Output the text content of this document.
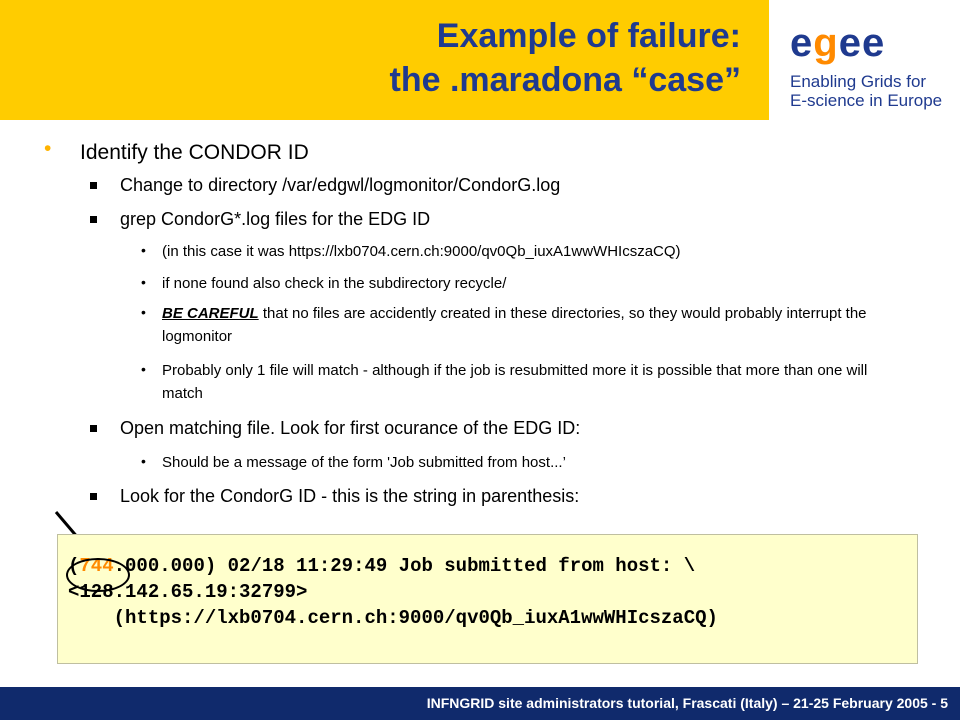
Example of failure:
the .maradona “case”
egee
Enabling Grids for
E-science in Europe
• Identify the CONDOR ID
Change to directory /var/edgwl/logmonitor/CondorG.log
grep CondorG*.log files for the EDG ID
• (in this case it was https://lxb0704.cern.ch:9000/qv0Qb_iuxA1wwWHIcszaCQ)
• if none found also check in the subdirectory recycle/
• BE CAREFUL that no files are accidently created in these directories, so they would probably interrupt the logmonitor
• Probably only 1 file will match - although if the job is resubmitted more it is possible that more than one will match
Open matching file. Look for first ocurance of the EDG ID:
• Should be a message of the form 'Job submitted from host...’
Look for the CondorG ID - this is the string in parenthesis:
(744.000.000) 02/18 11:29:49 Job submitted from host: \
<128.142.65.19:32799>
(https://lxb0704.cern.ch:9000/qv0Qb_iuxA1wwWHIcszaCQ)
INFNGRID site administrators tutorial, Frascati (Italy) – 21-25 February 2005 - 5
